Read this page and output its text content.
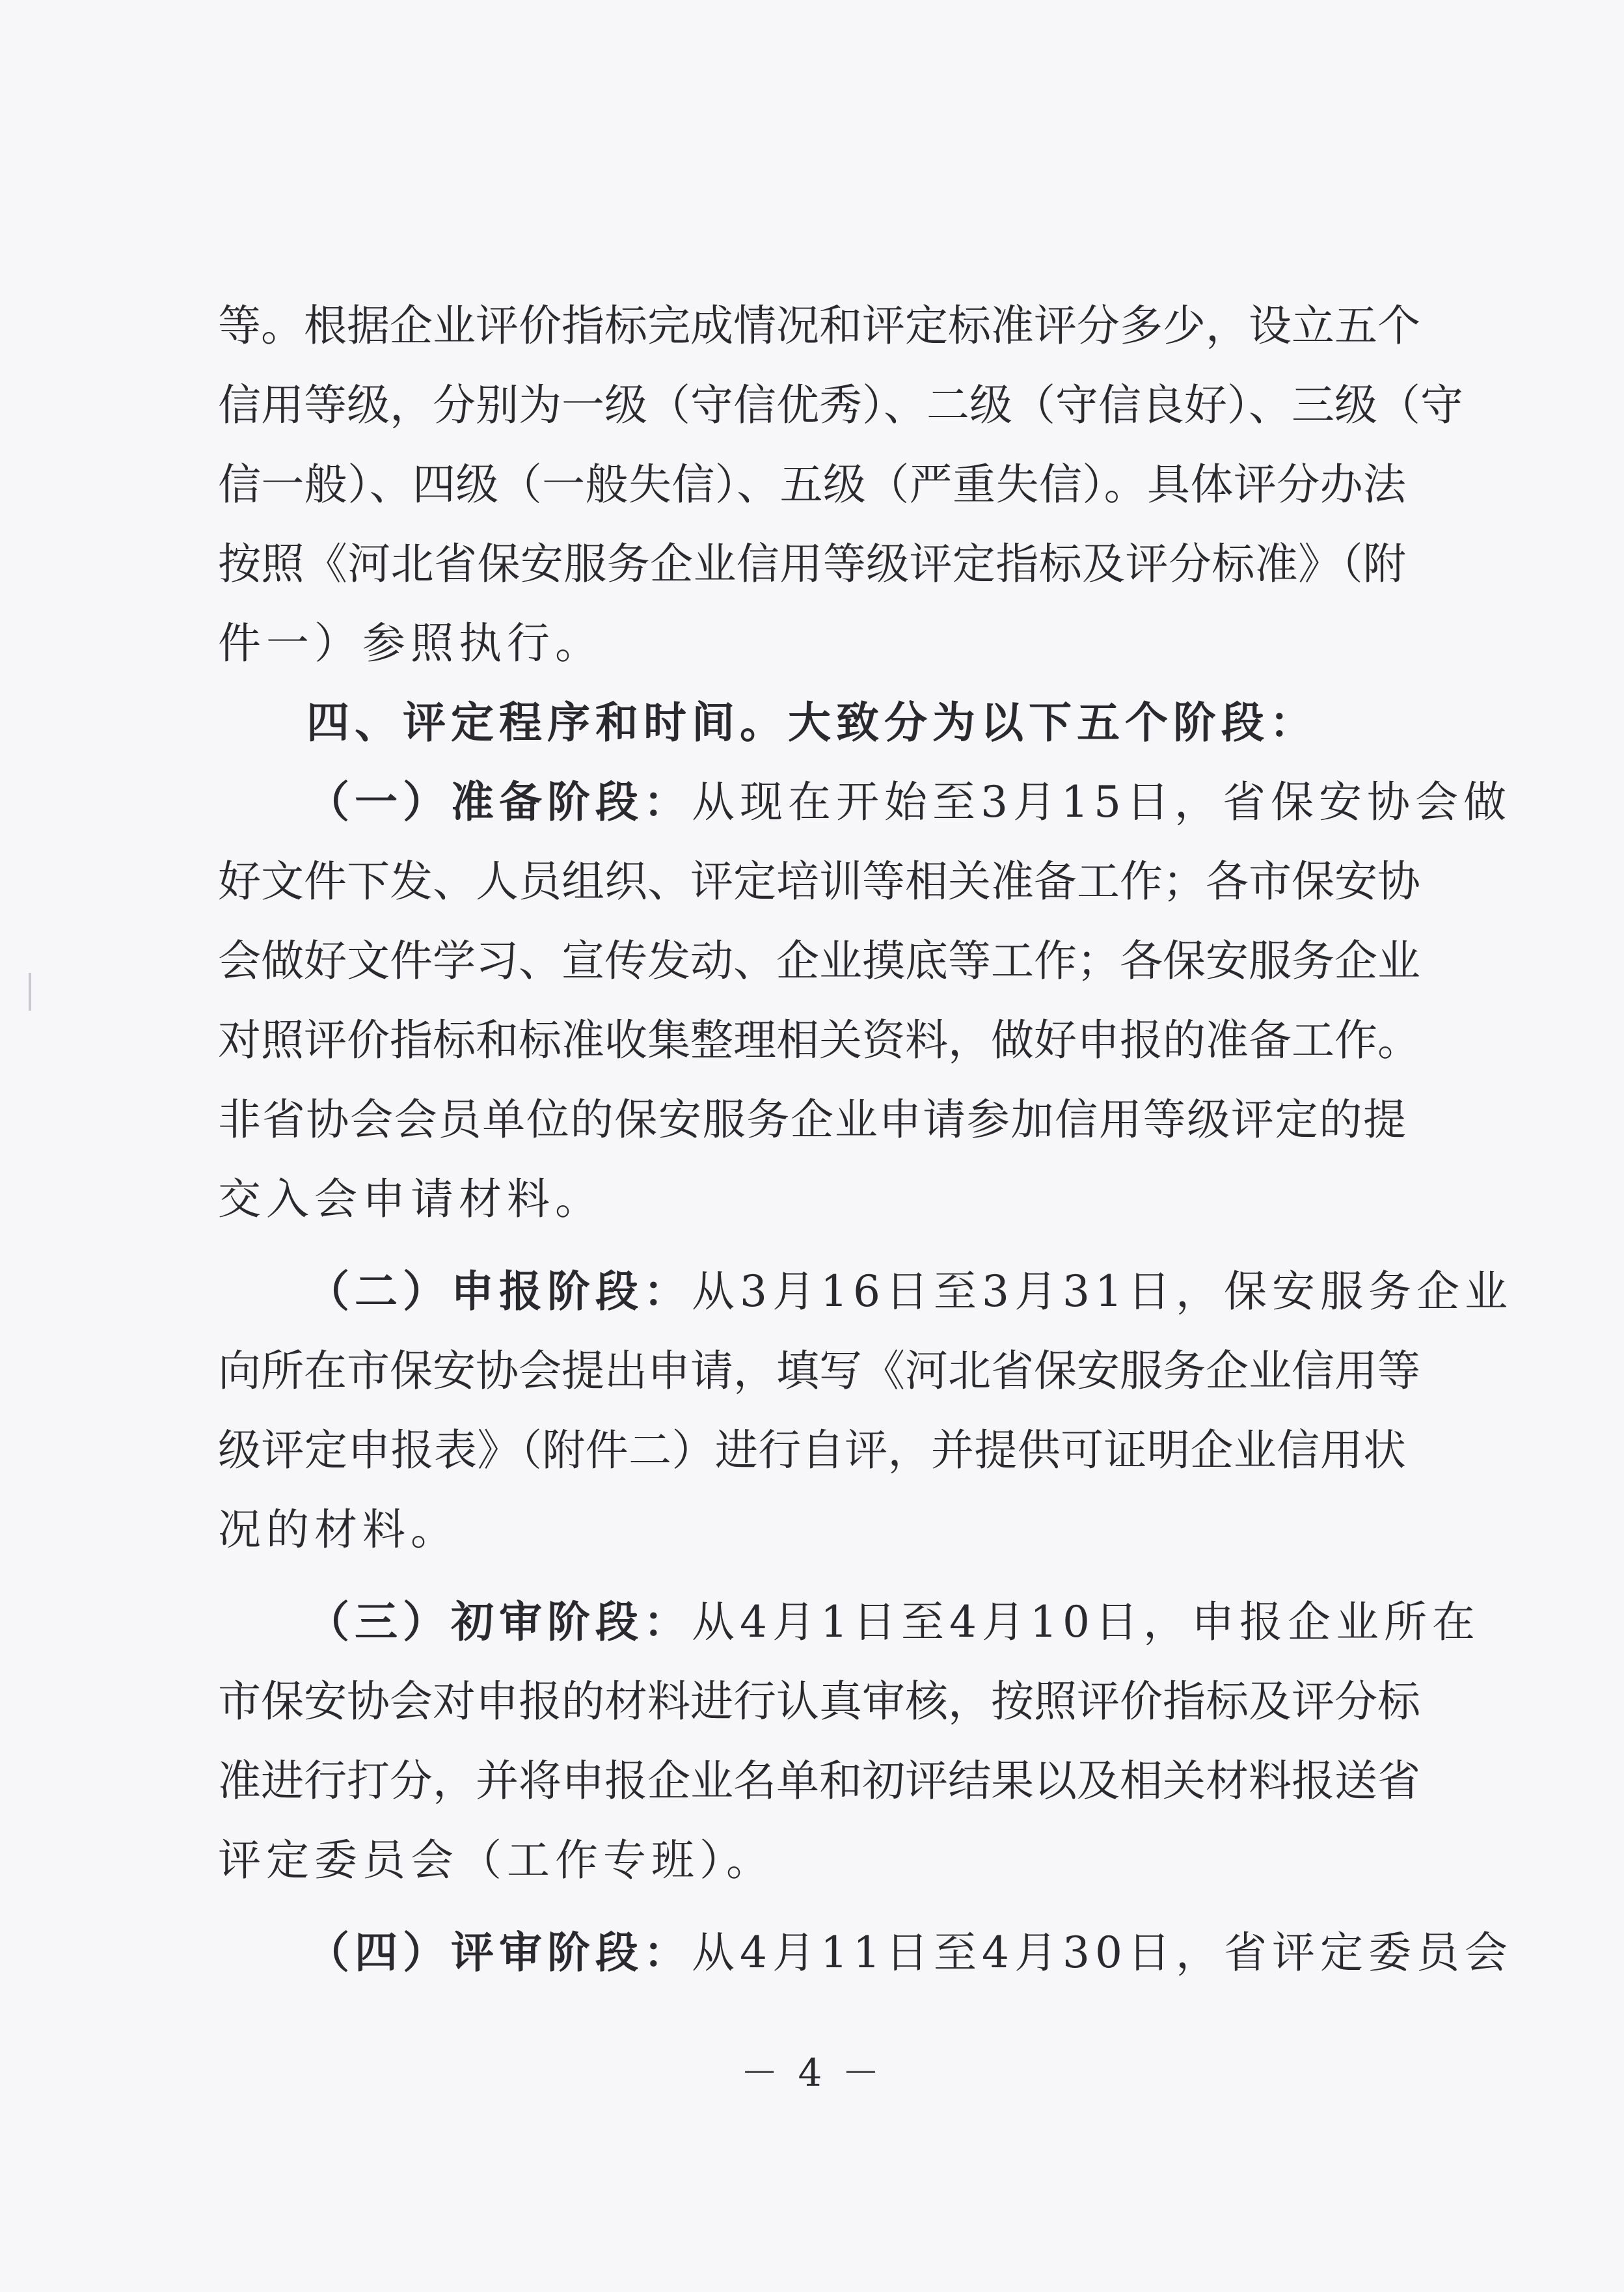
等。根据企业评价指标完成情况和评定标准评分多少，设立五个
信用等级，分别为一级（守信优秀）、二级（守信良好）、三级（守
信一般）、四级（一般失信）、五级（严重失信）。具体评分办法
按照《河北省保安服务企业信用等级评定指标及评分标准》（附
件一）参照执行。
四、评定程序和时间。大致分为以下五个阶段：
（一）准备阶段：从现在开始至3月15日，省保安协会做
好文件下发、人员组织、评定培训等相关准备工作；各市保安协
会做好文件学习、宣传发动、企业摸底等工作；各保安服务企业
对照评价指标和标准收集整理相关资料，做好申报的准备工作。
非省协会会员单位的保安服务企业申请参加信用等级评定的提
交入会申请材料。
（二）申报阶段：从3月16日至3月31日，保安服务企业
向所在市保安协会提出申请，填写《河北省保安服务企业信用等
级评定申报表》（附件二）进行自评，并提供可证明企业信用状
况的材料。
（三）初审阶段：从4月1日至4月10日，申报企业所在
市保安协会对申报的材料进行认真审核，按照评价指标及评分标
准进行打分，并将申报企业名单和初评结果以及相关材料报送省
评定委员会（工作专班）。
（四）评审阶段：从4月11日至4月30日，省评定委员会
－ 4 －
